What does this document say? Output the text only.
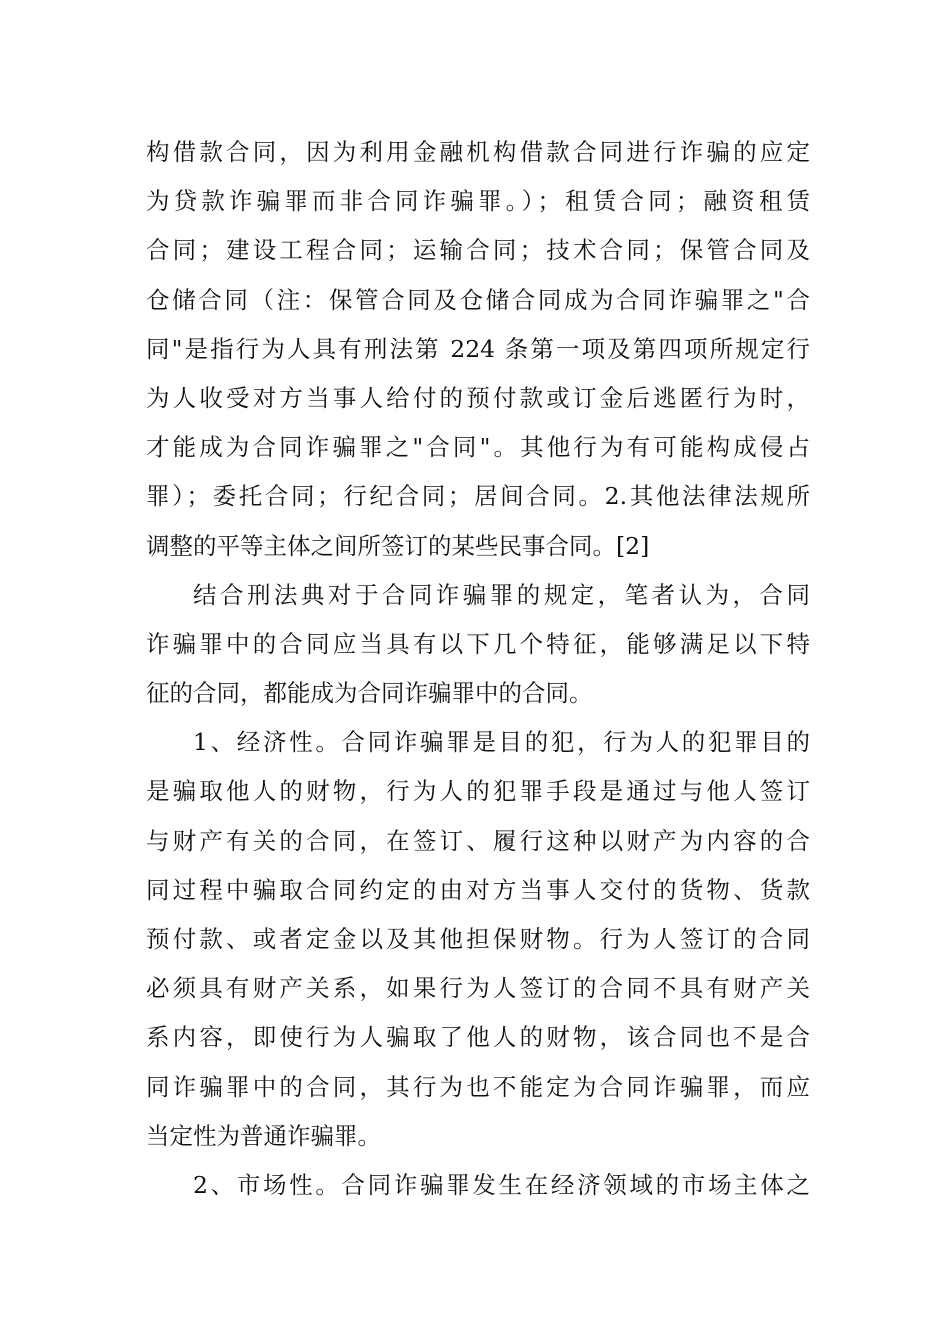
构借款合同，因为利用金融机构借款合同进行诈骗的应定
为贷款诈骗罪而非合同诈骗罪。）；租赁合同；融资租赁
合同；建设工程合同；运输合同；技术合同；保管合同及
仓储合同（注：保管合同及仓储合同成为合同诈骗罪之"合
同"是指行为人具有刑法第 224 条第一项及第四项所规定行
为人收受对方当事人给付的预付款或订金后逃匿行为时，
才能成为合同诈骗罪之"合同"。其他行为有可能构成侵占
罪）；委托合同；行纪合同；居间合同。2.其他法律法规所
调整的平等主体之间所签订的某些民事合同。[2]
结合刑法典对于合同诈骗罪的规定，笔者认为，合同
诈骗罪中的合同应当具有以下几个特征，能够满足以下特
征的合同，都能成为合同诈骗罪中的合同。
1、经济性。合同诈骗罪是目的犯，行为人的犯罪目的
是骗取他人的财物，行为人的犯罪手段是通过与他人签订
与财产有关的合同，在签订、履行这种以财产为内容的合
同过程中骗取合同约定的由对方当事人交付的货物、货款
预付款、或者定金以及其他担保财物。行为人签订的合同
必须具有财产关系，如果行为人签订的合同不具有财产关
系内容，即使行为人骗取了他人的财物，该合同也不是合
同诈骗罪中的合同，其行为也不能定为合同诈骗罪，而应
当定性为普通诈骗罪。
2、市场性。合同诈骗罪发生在经济领域的市场主体之
